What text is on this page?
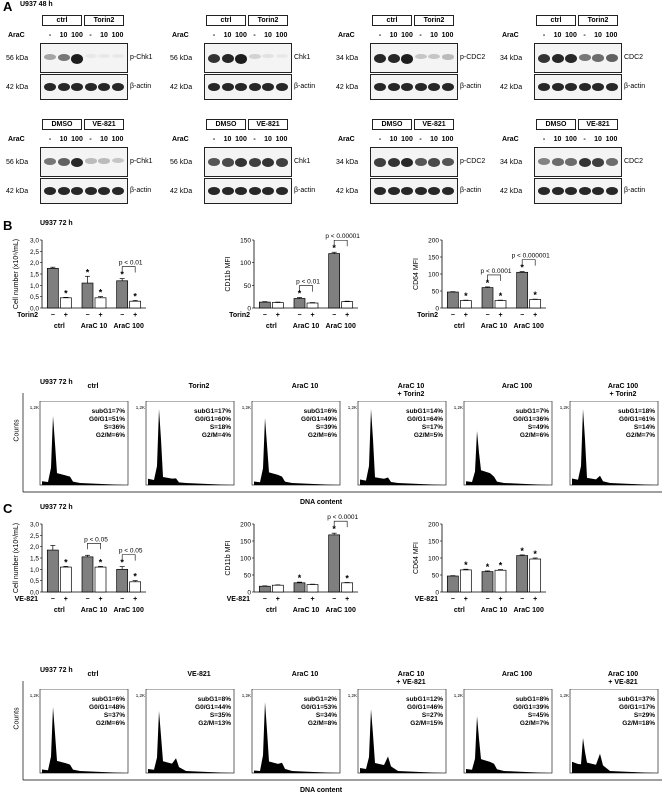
A U937 48 h
B	U937 72 h
C	U937 72 h
ctrl	Torin2
AraC	-	10 100 -	10 100
56 kDa	p-Chk1
42 kDa	β-actin
ctrl	Torin2
AraC	-	10 100 -	10 100
56 kDa	Chk1
42 kDa	β-actin
ctrl	Torin2
AraC	-	10 100 -	10 100
34 kDa	p-CDC2
42 kDa	β-actin
ctrl	Torin2
AraC	-	10 100 -	10 100
34 kDa	CDC2
42 kDa	β-actin
DMSO	VE-821
AraC	-	10 100 -	10 100
56 kDa	p-Chk1
42 kDa	β-actin
DMSO	VE-821
AraC	-	10 100 -	10 100
56 kDa	Chk1
42 kDa	β-actin
DMSO	VE-821
AraC	-	10 100 -	10 100
34 kDa	p-CDC2
42 kDa	β-actin
DMSO	VE-821
AraC	-	10 100 -	10 100
34 kDa	CDC2
42 kDa	β-actin
Cell number (x10⁶/mL) 0,0
0,5
1,0
1,5
2,0
2,5
3,0
−
*
+
ctrl
*
−
*
+
AraC 10
*
−
*
+
AraC 100
Torin2
p < 0.01	CD11b MFI
0
50
100
150
− +
ctrl
*
− +
AraC 10
*
− +
AraC 100
Torin2
p < 0.01
p < 0.00001
CD64 MFI
0
50
100
150
200
−
*
+
ctrl
*
−
*
+
AraC 10
*
−
*
+
AraC 100
Torin2
p < 0.0001
p < 0.000001
Cell number (x10⁶/mL) 0,0
0,5
1,0
1,5
2,0
2,5
3,0
−
*
+
ctrl
−
*
+
AraC 10
*
−
*
+
AraC 100
VE-821
p < 0.05
p < 0.05	CD11b MFI
0
50
100
150
200
− +
ctrl
*
− +
AraC 10
*
−
*
+
AraC 100
VE-821
p < 0.0001
CD64 MFI
0
50
100
150
200
−
*
+
ctrl
*
−
*
+
AraC 10
*
−
*
+
AraC 100
VE-821
U937 72 h
Counts
DNA content
ctrl
1,2K
subG1=7%
G0/G1=51%
S=36%
G2/M=6%
Torin2
1,2K
subG1=17%
G0/G1=60%
S=18%
G2/M=4%
AraC 10
1,2K
subG1=6%
G0/G1=49%
S=39%
G2/M=6%
AraC 10
+ Torin2
1,2K
subG1=14%
G0/G1=64%
S=17%
G2/M=5%
AraC 100
1,2K
subG1=7%
G0/G1=36%
S=49%
G2/M=6%
AraC 100
+ Torin2
1,2K
subG1=18%
G0/G1=61%
S=14%
G2/M=7%
U937 72 h
Counts
DNA content
ctrl
1,2K
subG1=6%
G0/G1=48%
S=37%
G2/M=6%
VE-821
1,2K
subG1=8%
G0/G1=44%
S=35%
G2/M=13%
AraC 10
1,2K
subG1=2%
G0/G1=53%
S=34%
G2/M=8%
AraC 10
+ VE-821
1,2K
subG1=12%
G0/G1=46%
S=27%
G2/M=15%
AraC 100
1,2K
subG1=8%
G0/G1=39%
S=45%
G2/M=7%
AraC 100
+ VE-821
1,2K
subG1=37%
G0/G1=17%
S=29%
G2/M=18%
